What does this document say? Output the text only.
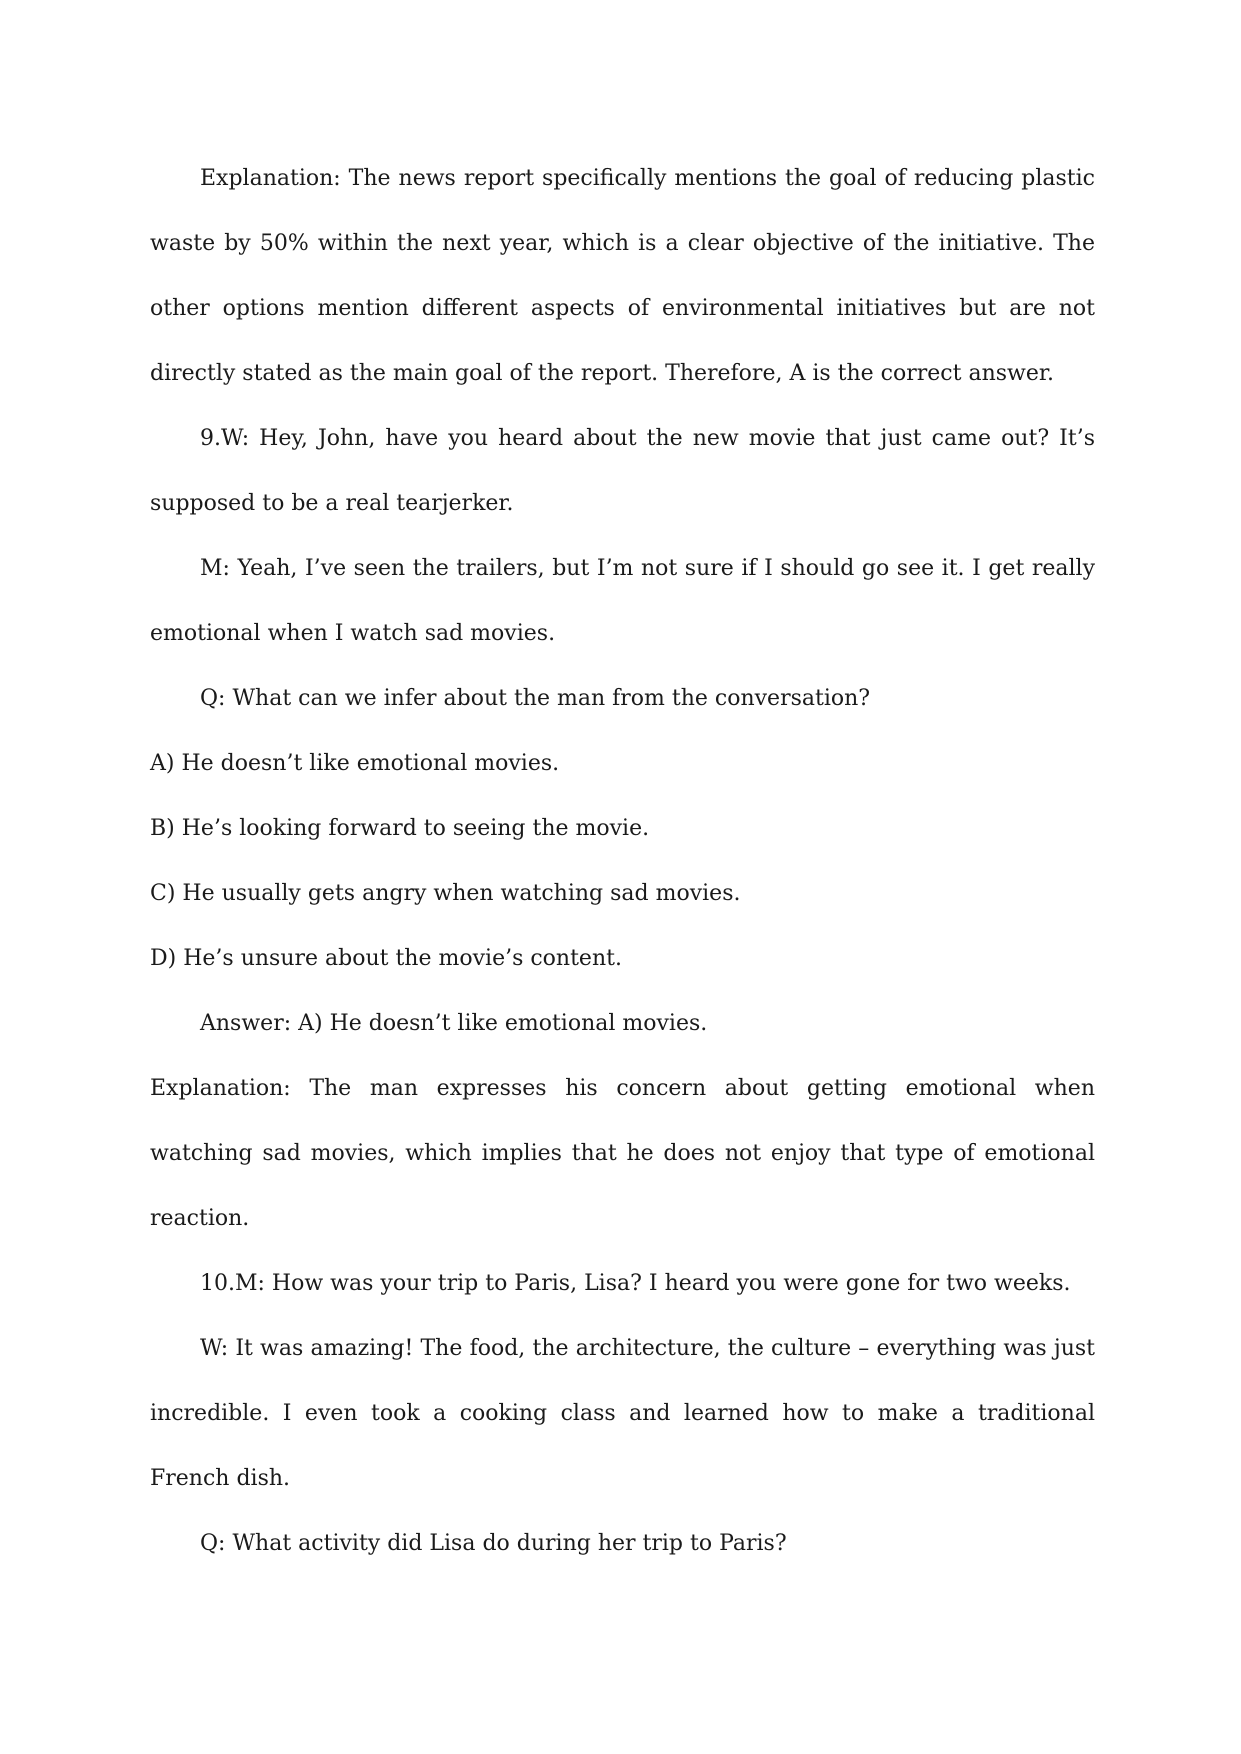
Explanation: The news report specifically mentions the goal of reducing plastic waste by 50% within the next year, which is a clear objective of the initiative. The other options mention different aspects of environmental initiatives but are not directly stated as the main goal of the report. Therefore, A is the correct answer.

9.W: Hey, John, have you heard about the new movie that just came out? It’s supposed to be a real tearjerker.

M: Yeah, I’ve seen the trailers, but I’m not sure if I should go see it. I get really emotional when I watch sad movies.

Q: What can we infer about the man from the conversation?

A) He doesn’t like emotional movies.

B) He’s looking forward to seeing the movie.

C) He usually gets angry when watching sad movies.

D) He’s unsure about the movie’s content.

Answer: A) He doesn’t like emotional movies.

Explanation: The man expresses his concern about getting emotional when watching sad movies, which implies that he does not enjoy that type of emotional reaction.

10.M: How was your trip to Paris, Lisa? I heard you were gone for two weeks.

W: It was amazing! The food, the architecture, the culture – everything was just incredible. I even took a cooking class and learned how to make a traditional French dish.

Q: What activity did Lisa do during her trip to Paris?
